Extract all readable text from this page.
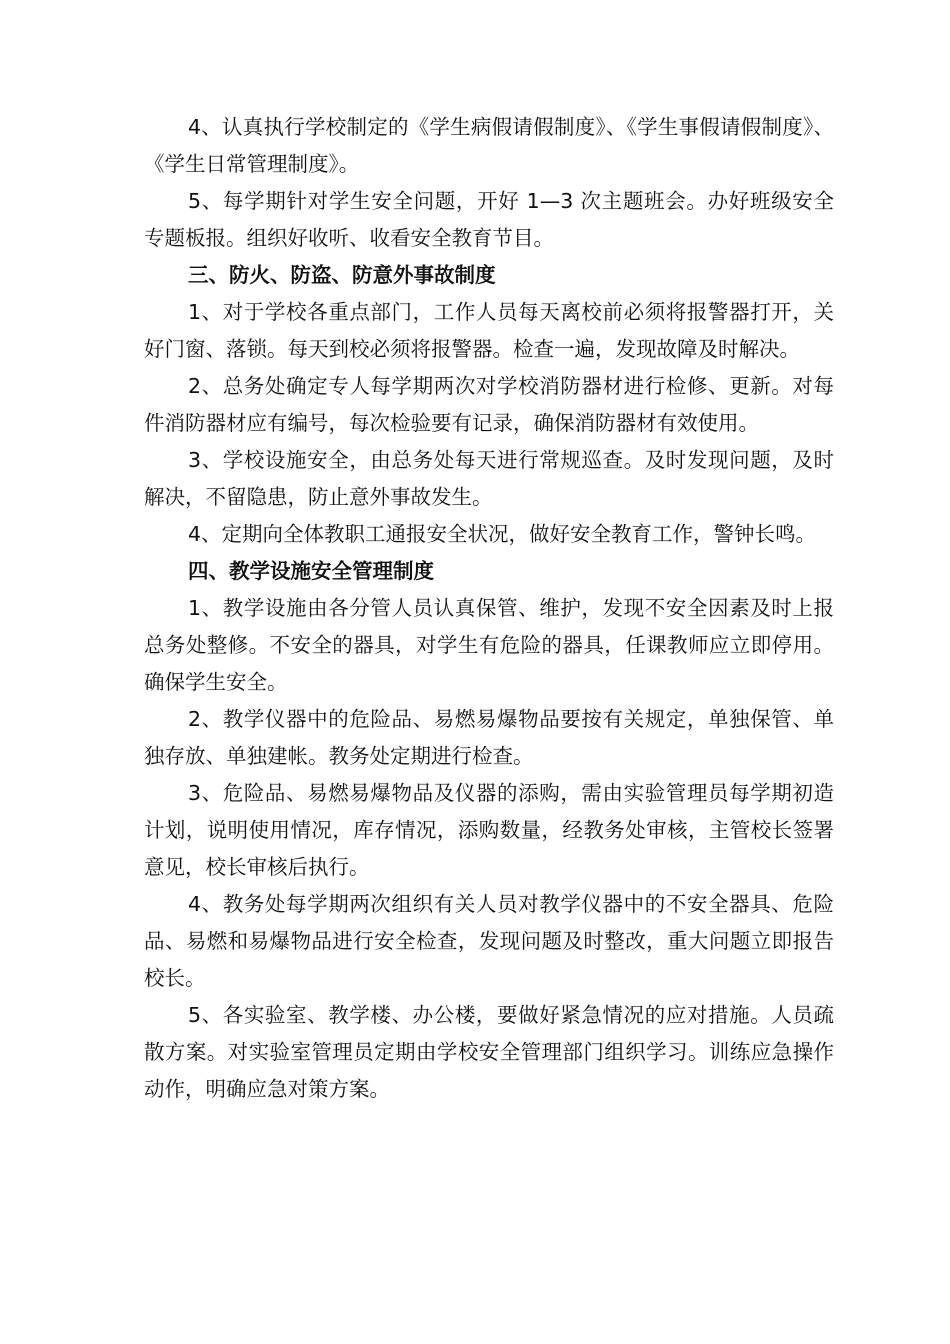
4、认真执行学校制定的《学生病假请假制度》、《学生事假请假制度》、《学生日常管理制度》。

5、每学期针对学生安全问题，开好 1—3 次主题班会。办好班级安全专题板报。组织好收听、收看安全教育节目。

三、防火、防盗、防意外事故制度

1、对于学校各重点部门，工作人员每天离校前必须将报警器打开，关好门窗、落锁。每天到校必须将报警器。检查一遍，发现故障及时解决。

2、总务处确定专人每学期两次对学校消防器材进行检修、更新。对每件消防器材应有编号，每次检验要有记录，确保消防器材有效使用。

3、学校设施安全，由总务处每天进行常规巡查。及时发现问题，及时解决，不留隐患，防止意外事故发生。

4、定期向全体教职工通报安全状况，做好安全教育工作，警钟长鸣。

四、教学设施安全管理制度

1、教学设施由各分管人员认真保管、维护，发现不安全因素及时上报总务处整修。不安全的器具，对学生有危险的器具，任课教师应立即停用。确保学生安全。

2、教学仪器中的危险品、易燃易爆物品要按有关规定，单独保管、单独存放、单独建帐。教务处定期进行检查。

3、危险品、易燃易爆物品及仪器的添购，需由实验管理员每学期初造计划，说明使用情况，库存情况，添购数量，经教务处审核，主管校长签署意见，校长审核后执行。

4、教务处每学期两次组织有关人员对教学仪器中的不安全器具、危险品、易燃和易爆物品进行安全检查，发现问题及时整改，重大问题立即报告校长。

5、各实验室、教学楼、办公楼，要做好紧急情况的应对措施。人员疏散方案。对实验室管理员定期由学校安全管理部门组织学习。训练应急操作动作，明确应急对策方案。
